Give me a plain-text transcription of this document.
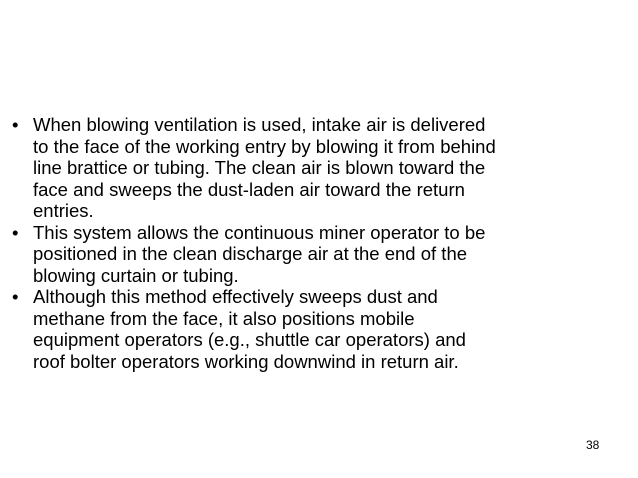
• When blowing ventilation is used, intake air is delivered
to the face of the working entry by blowing it from behind
line brattice or tubing. The clean air is blown toward the
face and sweeps the dust-laden air toward the return
entries.
• This system allows the continuous miner operator to be
positioned in the clean discharge air at the end of the
blowing curtain or tubing.
• Although this method effectively sweeps dust and
methane from the face, it also positions mobile
equipment operators (e.g., shuttle car operators) and
roof bolter operators working downwind in return air.
38
